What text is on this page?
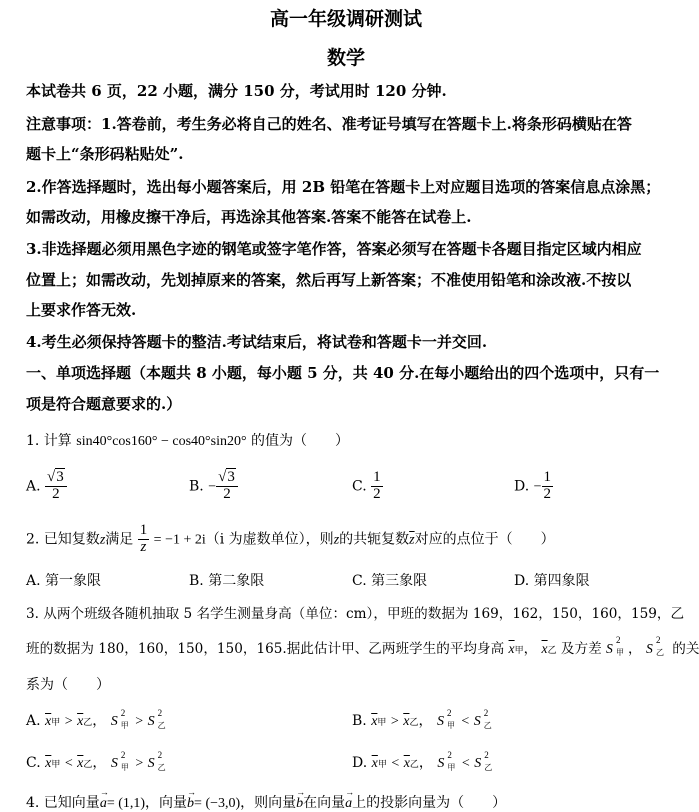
高一年级调研测试
数学
本试卷共 6 页，22 小题，满分 150 分，考试用时 120 分钟.
注意事项：1.答卷前，考生务必将自己的姓名、准考证号填写在答题卡上.将条形码横贴在答
题卡上“条形码粘贴处”.
2.作答选择题时，选出每小题答案后，用 2B 铅笔在答题卡上对应题目选项的答案信息点涂黑；
如需改动，用橡皮擦干净后，再选涂其他答案.答案不能答在试卷上.
3.非选择题必须用黑色字迹的钢笔或签字笔作答，答案必须写在答题卡各题目指定区域内相应
位置上；如需改动，先划掉原来的答案，然后再写上新答案；不准使用铅笔和涂改液.不按以
上要求作答无效.
4.考生必须保持答题卡的整洁.考试结束后，将试卷和答题卡一并交回.
一、单项选择题（本题共 8 小题，每小题 5 分，共 40 分.在每小题给出的四个选项中，只有一
项是符合题意要求的.）
1. 计算 sin40°cos160° − cos40°sin20° 的值为（　　）
A. $\frac{√3}{2}$	B. − $\frac{√3}{2}$	C. $\frac{1}{2}$	D. − $\frac{1}{2}$
2. 已知复数z满足 $\frac{1}{z} = -1 + 2i(i$ 为虚数单位），则z的共轭复数$\overline{z}$对应的点位于（　　）
A. 第一象限	B. 第二象限	C. 第三象限	D. 第四象限
3. 从两个班级各随机抽取 5 名学生测量身高（单位：cm），甲班的数据为 169，162，150，160，159，乙
班的数据为 180，160，150，150，165.据此估计甲、乙两班学生的平均身高 $\overline{x}$甲， $\overline{x}$乙 及方差 S
2
甲 ， S
2
乙 的关
系为（　　）
A. $\overline{x}$甲 > $\overline{x}$乙， S
2
甲 > S
2
乙	B. $\overline{x}$甲 > $\overline{x}$乙， S
2
甲 < S
2
乙
C. $\overline{x}$甲 < $\overline{x}$乙， S
2
甲 > S
2
乙	D. $\overline{x}$甲 < $\overline{x}$乙， S
2
甲 < S
2
乙
4. 已知向量→ a= (1,1)，向量→ b= (−3,0)，则向量→ b在向量→ a上的投影向量为（　　）
